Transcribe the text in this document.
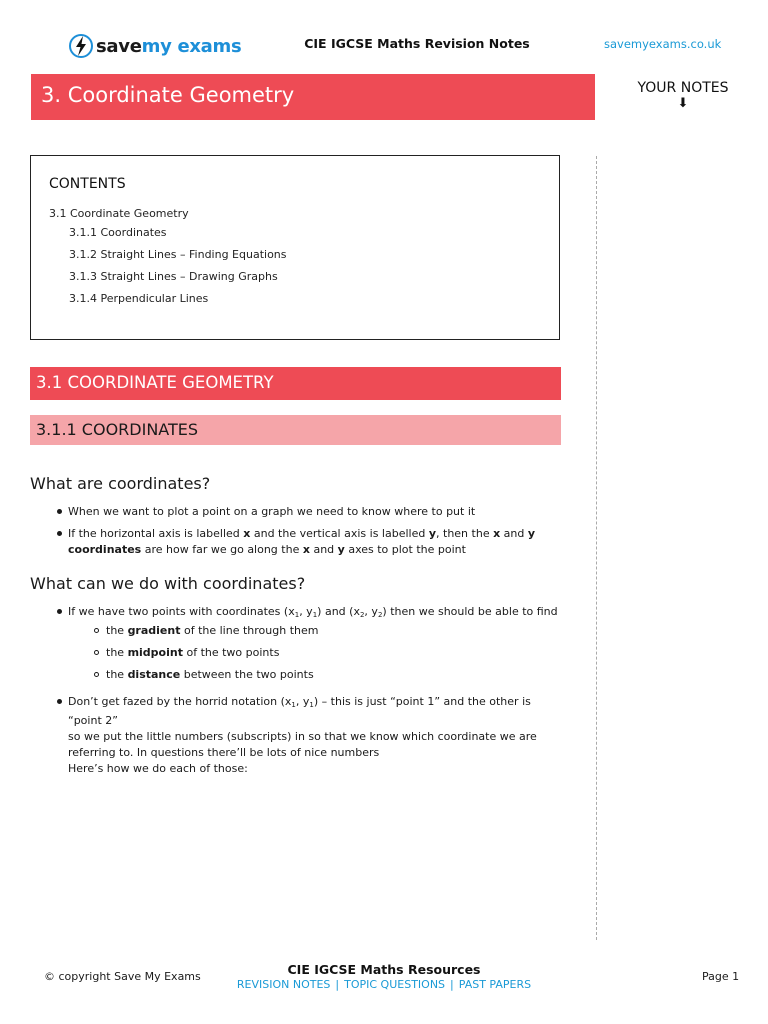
savemy exams	CIE IGCSE Maths Revision Notes	savemyexams.co.uk
3. Coordinate Geometry	YOUR NOTES
⬇
CONTENTS
3.1 Coordinate Geometry
3.1.1 Coordinates
3.1.2 Straight Lines – Finding Equations
3.1.3 Straight Lines – Drawing Graphs
3.1.4 Perpendicular Lines
3.1 COORDINATE GEOMETRY
3.1.1 COORDINATES
What are coordinates?
When we want to plot a point on a graph we need to know where to put it
If the horizontal axis is labelled x and the vertical axis is labelled y, then the x and y
coordinates are how far we go along the x and y axes to plot the point
What can we do with coordinates?
If we have two points with coordinates ($x_1$, $y_1$) and ($x_2$, $y_2$) then we should be able to find
the gradient of the line through them
the midpoint of the two points
the distance between the two points
Don’t get fazed by the horrid notation ($x_1$, $y_1$) – this is just “point 1” and the other is “point 2”
so we put the little numbers (subscripts) in so that we know which coordinate we are
referring to. In questions there’ll be lots of nice numbers
Here’s how we do each of those:
© copyright Save My Exams	CIE IGCSE Maths Resources
REVISION NOTES | TOPIC QUESTIONS | PAST PAPERS
Page 1
